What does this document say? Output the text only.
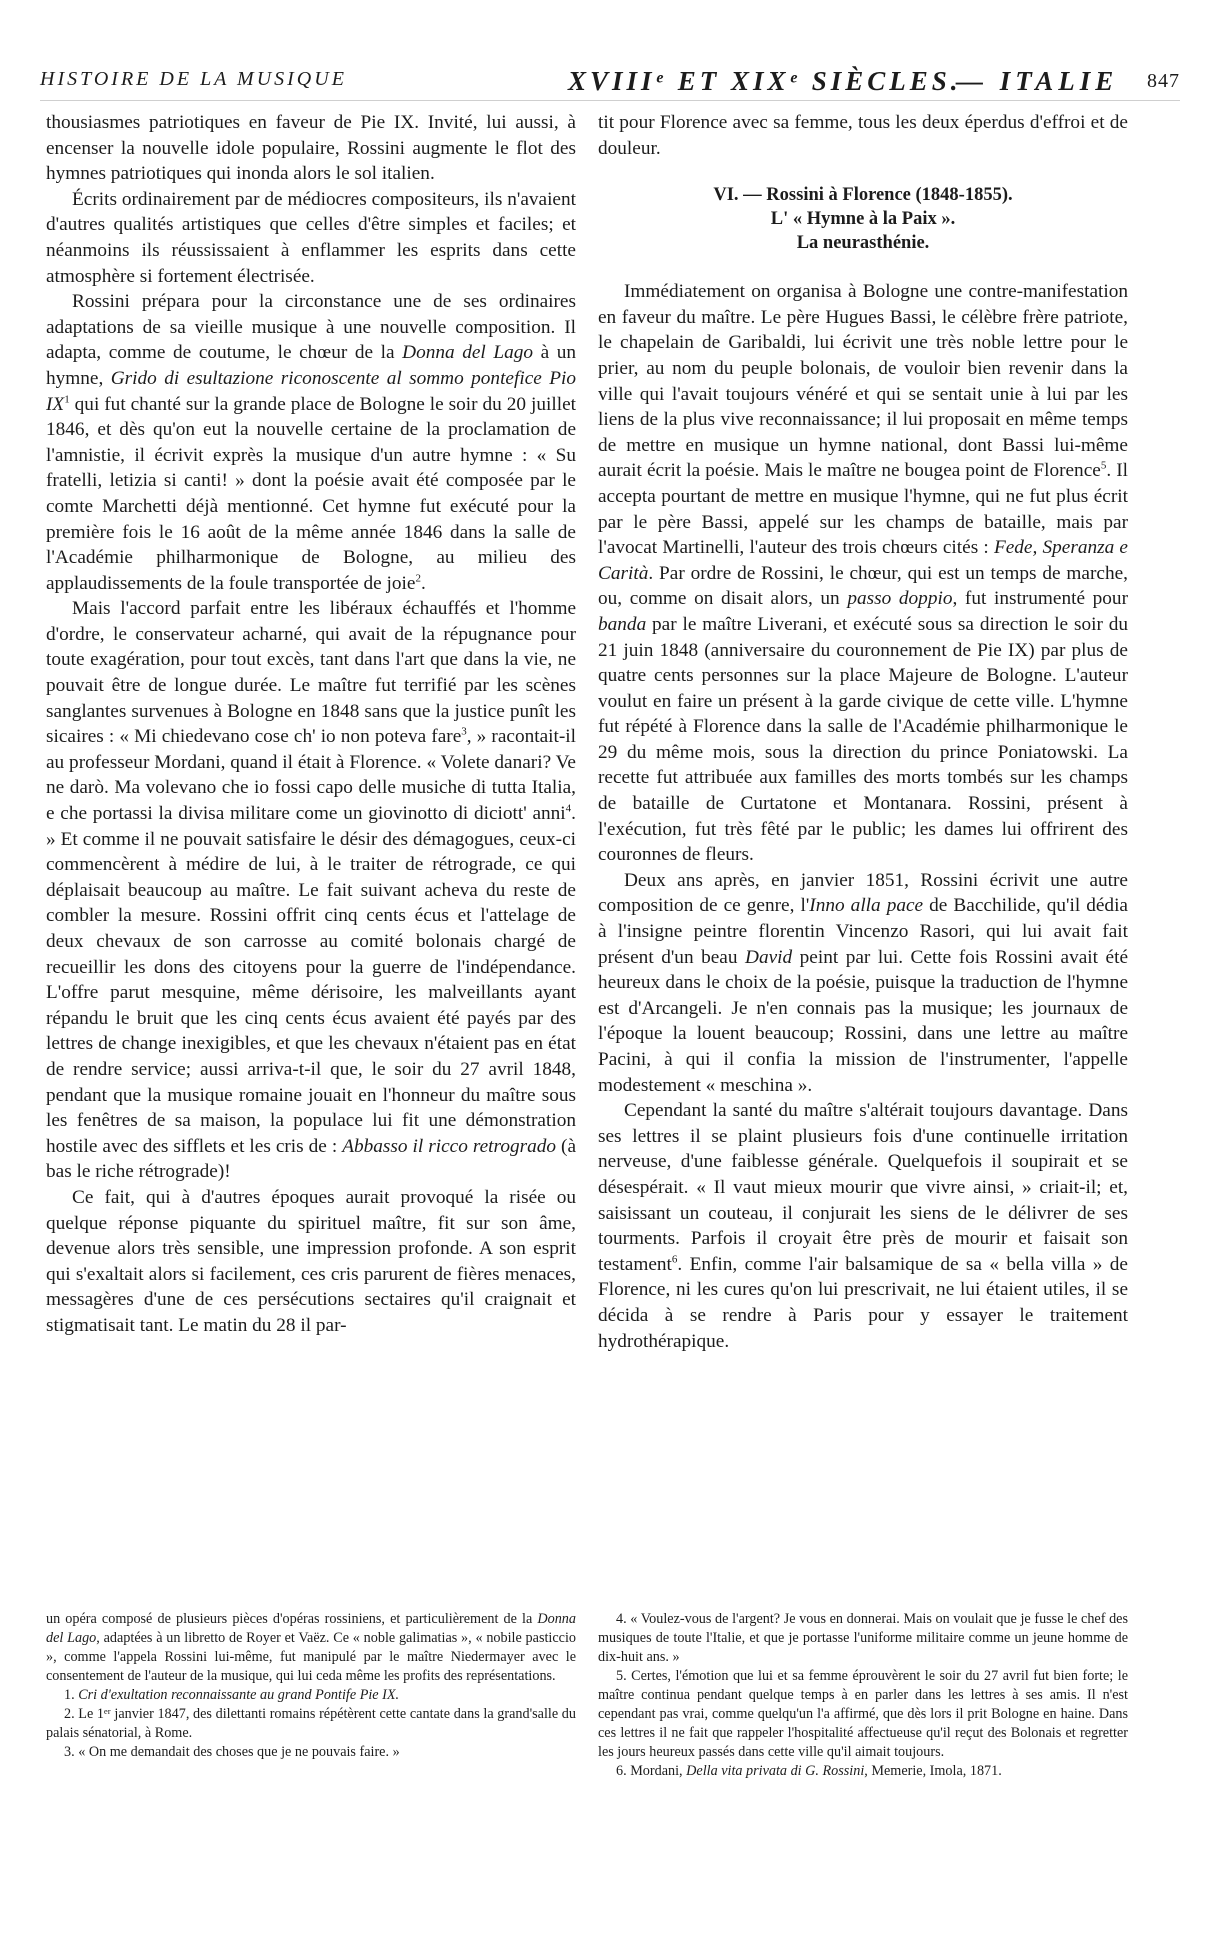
HISTOIRE DE LA MUSIQUE	XVIIIᵉ ET XIXᵉ SIÈCLES.
— ITALIE 847

thousiasmes patriotiques en faveur de Pie IX. Invité, lui aussi, à encenser la nouvelle idole populaire, Rossini augmente le flot des hymnes patriotiques qui inonda alors le sol italien.

Écrits ordinairement par de médiocres compositeurs, ils n'avaient d'autres qualités artistiques que celles d'être simples et faciles; et néanmoins ils réussissaient à enflammer les esprits dans cette atmosphère si fortement électrisée.

Rossini prépara pour la circonstance une de ses ordinaires adaptations de sa vieille musique à une nouvelle composition. Il adapta, comme de coutume, le chœur de la Donna del Lago à un hymne, Grido di esultazione riconoscente al sommo pontefice Pio $IX^1$ qui fut chanté sur la grande place de Bologne le soir du 20 juillet 1846, et dès qu'on eut la nouvelle certaine de la proclamation de l'amnistie, il écrivit exprès la musique d'un autre hymne : « Su fratelli, letizia si canti! » dont la poésie avait été composée par le comte Marchetti déjà mentionné. Cet hymne fut exécuté pour la première fois le 16 août de la même année 1846 dans la salle de l'Académie philharmonique de Bologne, au milieu des applaudissements de la foule transportée de joie$^2$.

Mais l'accord parfait entre les libéraux échauffés et l'homme d'ordre, le conservateur acharné, qui avait de la répugnance pour toute exagération, pour tout excès, tant dans l'art que dans la vie, ne pouvait être de longue durée. Le maître fut terrifié par les scènes sanglantes survenues à Bologne en 1848 sans que la justice punît les sicaires : « Mi chiedevano cose ch' io non poteva fare$^3$, » racontait-il au professeur Mordani, quand il était à Florence. « Volete danari? Ve ne darò. Ma volevano che io fossi capo delle musiche di tutta Italia, e che portassi la divisa militare come un giovinotto di diciott' anni$^4$. » Et comme il ne pouvait satisfaire le désir des démagogues, ceux-ci commencèrent à médire de lui, à le traiter de rétrograde, ce qui déplaisait beaucoup au maître. Le fait suivant acheva du reste de combler la mesure. Rossini offrit cinq cents écus et l'attelage de deux chevaux de son carrosse au comité bolonais chargé de recueillir les dons des citoyens pour la guerre de l'indépendance. L'offre parut mesquine, même dérisoire, les malveillants ayant répandu le bruit que les cinq cents écus avaient été payés par des lettres de change inexigibles, et que les chevaux n'étaient pas en état de rendre service; aussi arriva-t-il que, le soir du 27 avril 1848, pendant que la musique romaine jouait en l'honneur du maître sous les fenêtres de sa maison, la populace lui fit une démonstration hostile avec des sifflets et les cris de : Abbasso il ricco retrogrado (à bas le riche rétrograde)!

Ce fait, qui à d'autres époques aurait provoqué la risée ou quelque réponse piquante du spirituel maître, fit sur son âme, devenue alors très sensible, une impression profonde. A son esprit qui s'exaltait alors si facilement, ces cris parurent de fières menaces, messagères d'une de ces persécutions sectaires qu'il craignait et stigmatisait tant. Le matin du 28 il par-

tit pour Florence avec sa femme, tous les deux éperdus d'effroi et de douleur.

VI. — Rossini à Florence (1848-1855).
L' « Hymne à la Paix ».
La neurasthénie.

Immédiatement on organisa à Bologne une contre-manifestation en faveur du maître. Le père Hugues Bassi, le célèbre frère patriote, le chapelain de Garibaldi, lui écrivit une très noble lettre pour le prier, au nom du peuple bolonais, de vouloir bien revenir dans la ville qui l'avait toujours vénéré et qui se sentait unie à lui par les liens de la plus vive reconnaissance; il lui proposait en même temps de mettre en musique un hymne national, dont Bassi lui-même aurait écrit la poésie. Mais le maître ne bougea point de Florence$^5$. Il accepta pourtant de mettre en musique l'hymne, qui ne fut plus écrit par le père Bassi, appelé sur les champs de bataille, mais par l'avocat Martinelli, l'auteur des trois chœurs cités : Fede, Speranza e Carità. Par ordre de Rossini, le chœur, qui est un temps de marche, ou, comme on disait alors, un passo doppio, fut instrumenté pour banda par le maître Liverani, et exécuté sous sa direction le soir du 21 juin 1848 (anniversaire du couronnement de Pie IX) par plus de quatre cents personnes sur la place Majeure de Bologne. L'auteur voulut en faire un présent à la garde civique de cette ville. L'hymne fut répété à Florence dans la salle de l'Académie philharmonique le 29 du même mois, sous la direction du prince Poniatowski. La recette fut attribuée aux familles des morts tombés sur les champs de bataille de Curtatone et Montanara. Rossini, présent à l'exécution, fut très fêté par le public; les dames lui offrirent des couronnes de fleurs.

Deux ans après, en janvier 1851, Rossini écrivit une autre composition de ce genre, l'Inno alla pace de Bacchilide, qu'il dédia à l'insigne peintre florentin Vincenzo Rasori, qui lui avait fait présent d'un beau David peint par lui. Cette fois Rossini avait été heureux dans le choix de la poésie, puisque la traduction de l'hymne est d'Arcangeli. Je n'en connais pas la musique; les journaux de l'époque la louent beaucoup; Rossini, dans une lettre au maître Pacini, à qui il confia la mission de l'instrumenter, l'appelle modestement « meschina ».

Cependant la santé du maître s'altérait toujours davantage. Dans ses lettres il se plaint plusieurs fois d'une continuelle irritation nerveuse, d'une faiblesse générale. Quelquefois il soupirait et se désespérait. « Il vaut mieux mourir que vivre ainsi, » criait-il; et, saisissant un couteau, il conjurait les siens de le délivrer de ses tourments. Parfois il croyait être près de mourir et faisait son testament$^6$. Enfin, comme l'air balsamique de sa « bella villa » de Florence, ni les cures qu'on lui prescrivait, ne lui étaient utiles, il se décida à se rendre à Paris pour y essayer le traitement hydrothérapique.

un opéra composé de plusieurs pièces d'opéras rossiniens, et particulièrement de la Donna del Lago, adaptées à un libretto de Royer et Vaëz. Ce « noble galimatias », « nobile pasticcio », comme l'appela Rossini lui-même, fut manipulé par le maître Niedermayer avec le consentement de l'auteur de la musique, qui lui ceda même les profits des représentations.

1. Cri d'exultation reconnaissante au grand Pontife Pie IX.

2. Le 1ᵉʳ janvier 1847, des dilettanti romains répétèrent cette cantate dans la grand'salle du palais sénatorial, à Rome.

3. « On me demandait des choses que je ne pouvais faire. »

4. « Voulez-vous de l'argent? Je vous en donnerai. Mais on voulait que je fusse le chef des musiques de toute l'Italie, et que je portasse l'uniforme militaire comme un jeune homme de dix-huit ans. »

5. Certes, l'émotion que lui et sa femme éprouvèrent le soir du 27 avril fut bien forte; le maître continua pendant quelque temps à en parler dans les lettres à ses amis. Il n'est cependant pas vrai, comme quelqu'un l'a affirmé, que dès lors il prit Bologne en haine. Dans ces lettres il ne fait que rappeler l'hospitalité affectueuse qu'il reçut des Bolonais et regretter les jours heureux passés dans cette ville qu'il aimait toujours.

6. Mordani, Della vita privata di G. Rossini, Memerie, Imola, 1871.
